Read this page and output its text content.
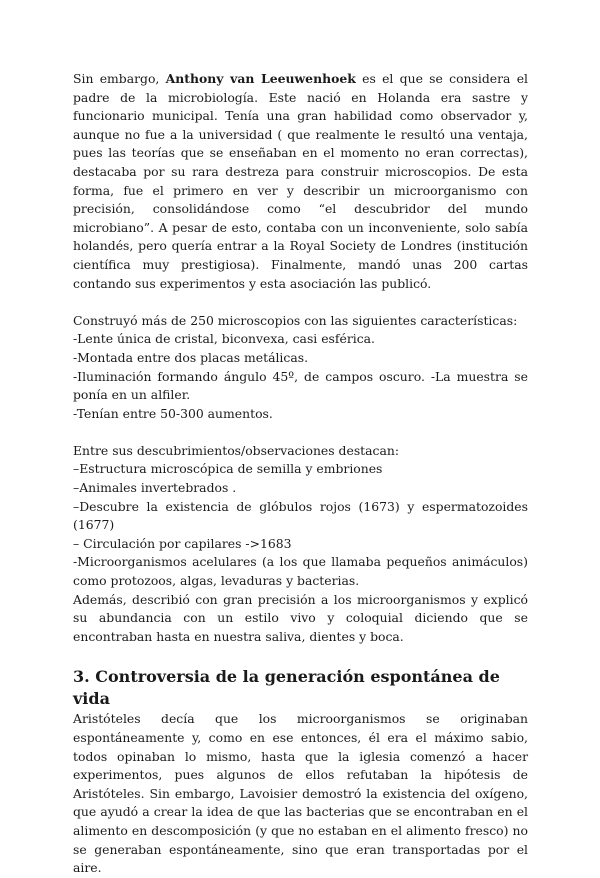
Sin embargo, Anthony van Leeuwenhoek es el que se considera el padre de la microbiología. Este nació en Holanda era sastre y funcionario municipal. Tenía una gran habilidad como observador y, aunque no fue a la universidad ( que realmente le resultó una ventaja, pues las teorías que se enseñaban en el momento no eran correctas), destacaba por su rara destreza para construir microscopios. De esta forma, fue el primero en ver y describir un microorganismo con precisión, consolidándose como “el descubridor del mundo microbiano”. A pesar de esto, contaba con un inconveniente, solo sabía holandés, pero quería entrar a la Royal Society de Londres (institución científica muy prestigiosa). Finalmente, mandó unas 200 cartas contando sus experimentos y esta asociación las publicó.

Construyó más de 250 microscopios con las siguientes características:

-Lente única de cristal, biconvexa, casi esférica.
-Montada entre dos placas metálicas.
-Iluminación formando ángulo 45º, de campos oscuro. -La muestra se ponía en un alfiler.
-Tenían entre 50-300 aumentos.

Entre sus descubrimientos/observaciones destacan:

–Estructura microscópica de semilla y embriones
–Animales invertebrados .
–Descubre la existencia de glóbulos rojos (1673) y espermatozoides (1677)
– Circulación por capilares ->1683
-Microorganismos acelulares (a los que llamaba pequeños animáculos) como protozoos, algas, levaduras y bacterias.

Además, describió con gran precisión a los microorganismos y explicó su abundancia con un estilo vivo y coloquial diciendo que se encontraban hasta en nuestra saliva, dientes y boca.

3. Controversia de la generación espontánea de vida

Aristóteles decía que los microorganismos se originaban espontáneamente y, como en ese entonces, él era el máximo sabio, todos opinaban lo mismo, hasta que la iglesia comenzó a hacer experimentos, pues algunos de ellos refutaban la hipótesis de Aristóteles. Sin embargo, Lavoisier demostró la existencia del oxígeno, que ayudó a crear la idea de que las bacterias que se encontraban en el alimento en descomposición (y que no estaban en el alimento fresco) no se generaban espontáneamente, sino que eran transportadas por el aire.
